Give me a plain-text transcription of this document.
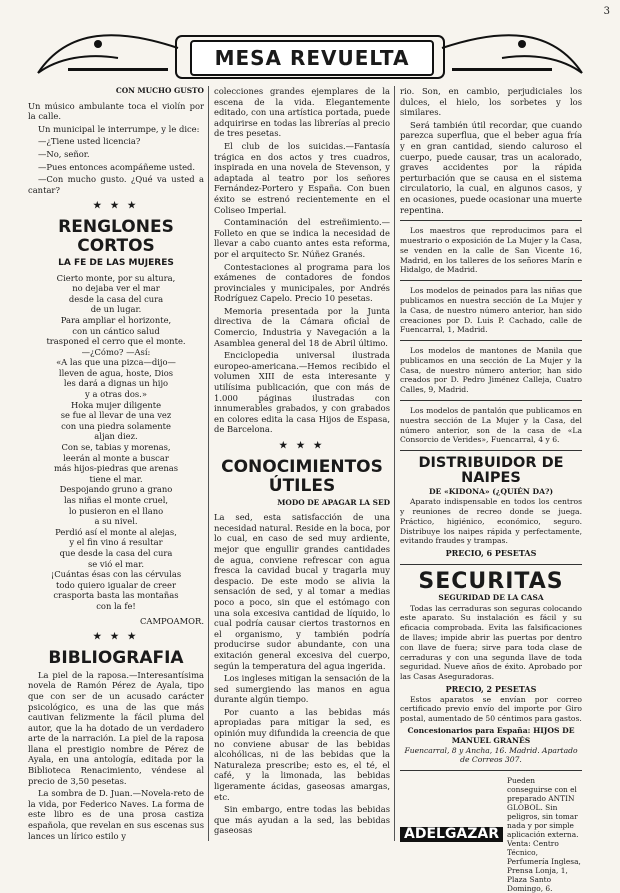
3
MESA REVUELTA
CON MUCHO GUSTO

Un músico ambulante toca el violín por la calle.

Un municipal le interrumpe, y le dice:

—¿Tiene usted licencia?

—No, señor.

—Pues entonces acompáñeme usted.

—Con mucho gusto. ¿Qué va usted a cantar?

★ ★ ★
RENGLONES CORTOS
LA FE DE LAS MUJERES
Cierto monte, por su altura,
no dejaba ver el mar
desde la casa del cura
de un lugar.
Para ampliar el horizonte,
con un cántico salud
trasponed el cerro que el monte.
—¿Cómo? —Así:
«A las que una pizca—dijo—
lleven de agua, hoste, Dios
les dará a dignas un hijo
y a otras dos.»
Hoka mujer diligente
se fue al llevar de una vez
con una piedra solamente
aljan diez.
Con se, tabias y morenas,
leerán al monte a buscar
más hijos-piedras que arenas
tiene el mar.
Despojando gruno a grano
las niñas el monte cruel,
lo pusieron en el llano
a su nivel.
Perdió así el monte al alejas,
y el fin vino á resultar
que desde la casa del cura
se vió el mar.
¡Cuántas ésas con las cérvulas
todo quiero igualar de creer
crasporta basta las montañas
con la fe!
CAMPOAMOR.
★ ★ ★
BIBLIOGRAFIA

La piel de la raposa.—Interesantísima novela de Ramón Pérez de Ayala, tipo que con ser de un acusado carácter psicológico, es una de las que más cautivan felizmente la fácil pluma del autor, que la ha dotado de un verdadero arte de la narración. La piel de la raposa llana el prestigio nombre de Pérez de Ayala, en una antología, editada por la Biblioteca Renacimiento, véndese al precio de 3,50 pesetas.

La sombra de D. Juan.—Novela-reto de la vida, por Federico Naves. La forma de este libro es de una prosa castiza española, que revelan en sus escenas sus lances un lírico estilo y

colecciones grandes ejemplares de la escena de la vida. Elegantemente editado, con una artística portada, puede adquirirse en todas las librerías al precio de tres pesetas.

El club de los suicidas.—Fantasía trágica en dos actos y tres cuadros, inspirada en una novela de Stevenson, y adaptada al teatro por los señores Fernández-Portero y España. Con buen éxito se estrenó recientemente en el Coliseo Imperial.

Contaminación del estreñimiento.—Folleto en que se indica la necesidad de llevar a cabo cuanto antes esta reforma, por el arquitecto Sr. Núñez Granés.

Contestaciones al programa para los exámenes de contadores de fondos provinciales y municipales, por Andrés Rodríguez Capelo. Precio 10 pesetas.

Memoria presentada por la Junta directiva de la Cámara oficial de Comercio, Industria y Navegación a la Asamblea general del 18 de Abril último.

Enciclopedia universal ilustrada europeo-americana.—Hemos recibido el volumen XIII de esta interesante y utilísima publicación, que con más de 1.000 páginas ilustradas con innumerables grabados, y con grabados en colores edita la casa Hijos de Espasa, de Barcelona.

★ ★ ★
CONOCIMIENTOS ÚTILES
MODO DE APAGAR LA SED

La sed, esta satisfacción de una necesidad natural. Reside en la boca, por lo cual, en caso de sed muy ardiente, mejor que engullir grandes cantidades de agua, conviene refrescar con agua fresca la cavidad bucal y tragarla muy despacio. De este modo se alivia la sensación de sed, y al tomar a medias poco a poco, sin que el estómago con una sola excesiva cantidad de líquido, lo cual podría causar ciertos trastornos en el organismo, y también podría producirse sudor abundante, con una exitación general excesiva del cuerpo, según la temperatura del agua ingerida.

Los ingleses mitigan la sensación de la sed sumergiendo las manos en agua durante algún tiempo.

Por cuanto a las bebidas más apropiadas para mitigar la sed, es opinión muy difundida la creencia de que no conviene abusar de las bebidas alcohólicas, ni de las bebidas que la Naturaleza prescribe; esto es, el té, el café, y la limonada, las bebidas ligeramente ácidas, gaseosas amargas, etc.

Sin embargo, entre todas las bebidas que más ayudan a la sed, las bebidas gaseosas

rio. Son, en cambio, perjudiciales los dulces, el hielo, los sorbetes y los similares.

Será también útil recordar, que cuando parezca superflua, que el beber agua fría y en gran cantidad, siendo caluroso el cuerpo, puede causar, tras un acalorado, graves accidentes por la rápida perturbación que se causa en el sistema circulatorio, la cual, en algunos casos, y en ocasiones, puede ocasionar una muerte repentina.

Los maestros que reproducimos para el muestrario o exposición de La Mujer y la Casa, se venden en la calle de San Vicente 16, Madrid, en los talleres de los señores Marín e Hidalgo, de Madrid.

Los modelos de peinados para las niñas que publicamos en nuestra sección de La Mujer y la Casa, de nuestro número anterior, han sido creaciones por D. Luis P. Cachado, calle de Fuencarral, 1, Madrid.

Los modelos de mantones de Manila que publicamos en una sección de La Mujer y la Casa, de nuestro número anterior, han sido creados por D. Pedro Jiménez Calleja, Cuatro Calles, 9, Madrid.

Los modelos de pantalón que publicamos en nuestra sección de La Mujer y la Casa, del número anterior, son de la casa de «La Consorcio de Verides», Fuencarral, 4 y 6.

DISTRIBUIDOR DE NAIPES
DE «KIDONA» (¿QUIÉN DA?)

Aparato indispensable en todos los centros y reuniones de recreo donde se juega. Práctico, higiénico, económico, seguro. Distribuye los naipes rápida y perfectamente, evitando fraudes y trampas.

PRECIO, 6 PESETAS
SECURITAS
SEGURIDAD DE LA CASA

Todas las cerraduras son seguras colocando este aparato. Su instalación es fácil y su eficacia comprobada. Evita las falsificaciones de llaves; impide abrir las puertas por dentro con llave de fuera; sirve para toda clase de cerraduras y con una segunda llave de toda seguridad. Nueve años de éxito. Aprobado por las Casas Aseguradoras.

PRECIO, 2 PESETAS

Estos aparatos se envían por correo certificado previo envío del importe por Giro postal, aumentado de 50 céntimos para gastos.

Concesionarios para España: HIJOS DE MANUEL GRANÉS
Fuencarral, 8 y Ancha, 16. Madrid. Apartado de Correos 307.
ADELGAZAR
Pueden conseguirse con el preparado ANTIN GLOBOL. Sin peligros, sin tomar nada y por simple aplicación externa. Venta: Centro Técnico, Perfumería Inglesa, Prensa Lonja, 1, Plaza Santo Domingo, 6.
